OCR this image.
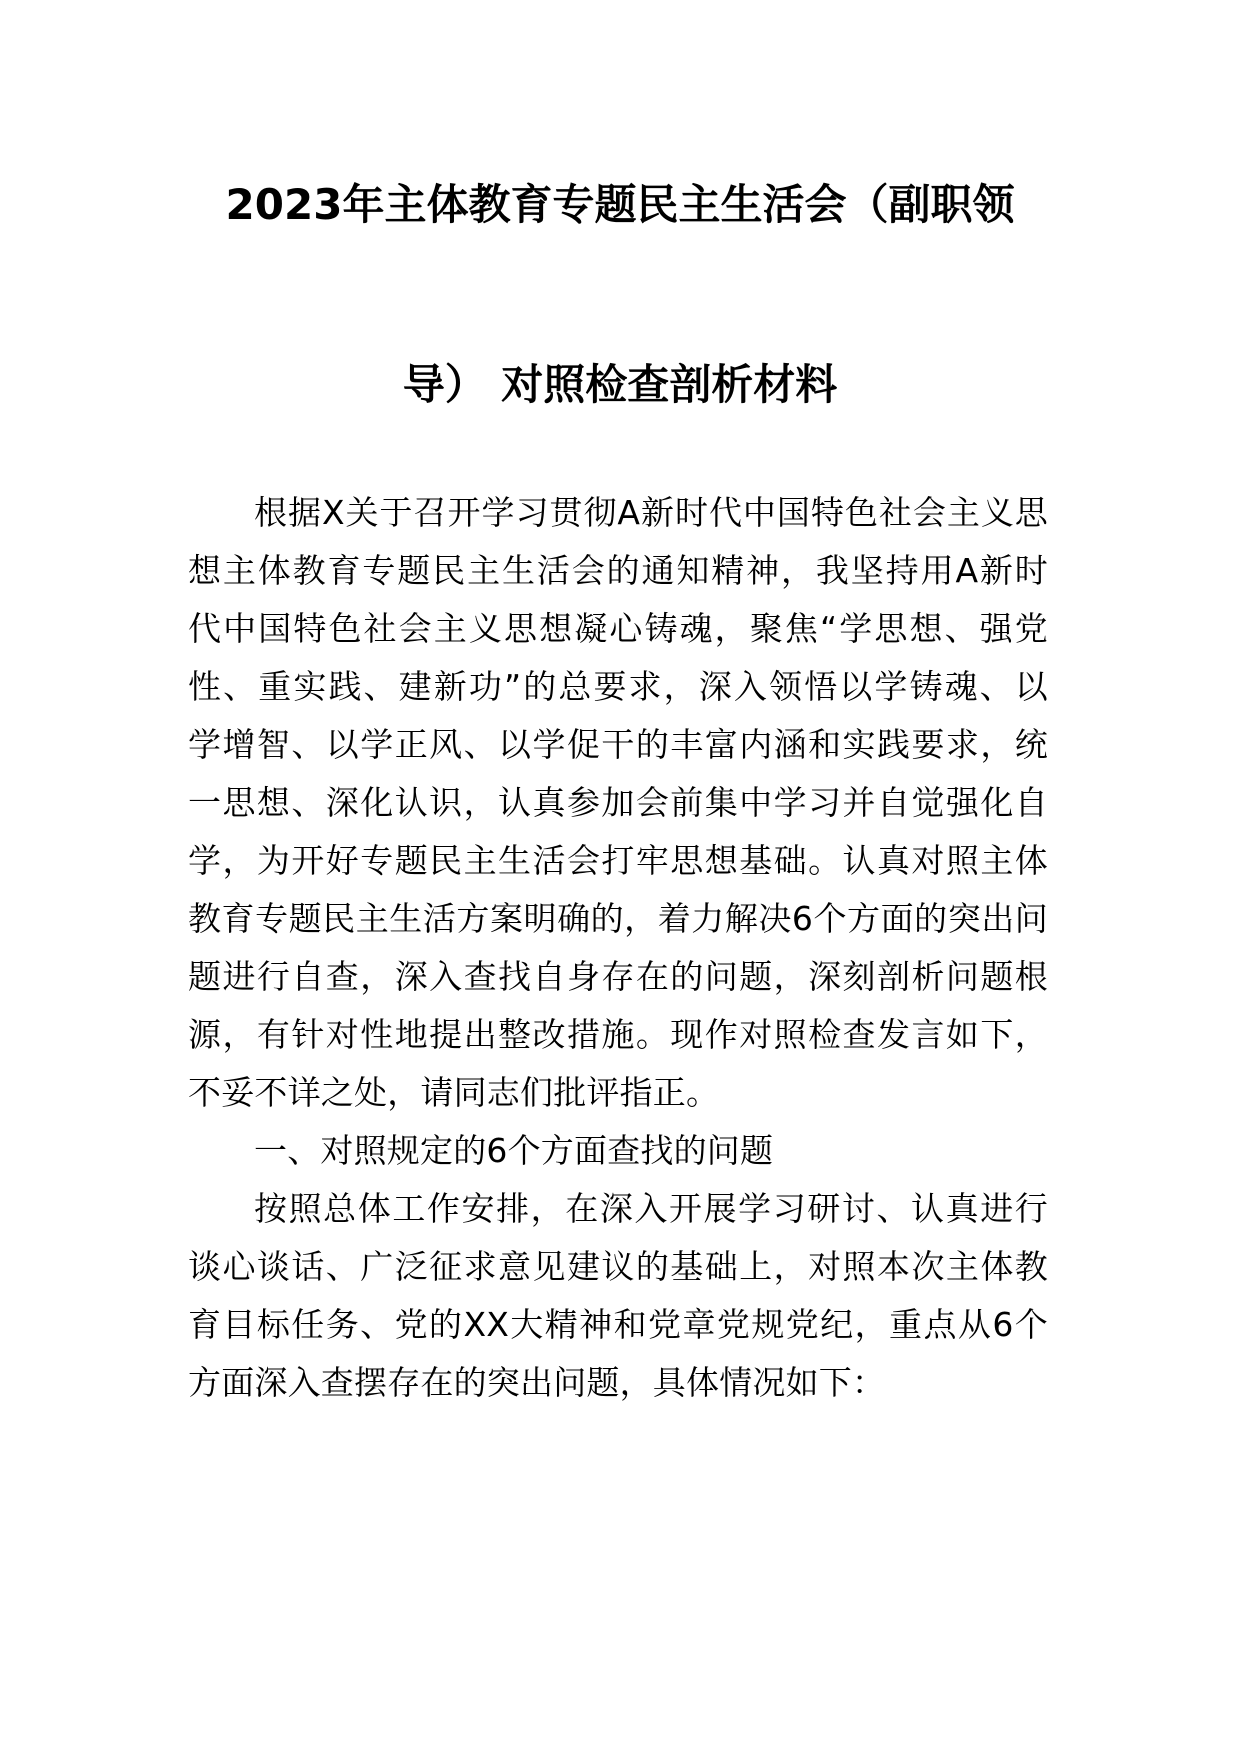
2023年主体教育专题民主生活会（副职领
导） 对照检查剖析材料
根据X关于召开学习贯彻A新时代中国特色社会主义思
想主体教育专题民主生活会的通知精神，我坚持用A新时
代中国特色社会主义思想凝心铸魂，聚焦“学思想、强党
性、重实践、建新功”的总要求，深入领悟以学铸魂、以
学增智、以学正风、以学促干的丰富内涵和实践要求，统
一思想、深化认识，认真参加会前集中学习并自觉强化自
学，为开好专题民主生活会打牢思想基础。认真对照主体
教育专题民主生活方案明确的，着力解决6个方面的突出问
题进行自查，深入查找自身存在的问题，深刻剖析问题根
源，有针对性地提出整改措施。现作对照检查发言如下，
不妥不详之处，请同志们批评指正。
一、对照规定的6个方面查找的问题
按照总体工作安排，在深入开展学习研讨、认真进行
谈心谈话、广泛征求意见建议的基础上，对照本次主体教
育目标任务、党的XX大精神和党章党规党纪，重点从6个
方面深入查摆存在的突出问题，具体情况如下：
